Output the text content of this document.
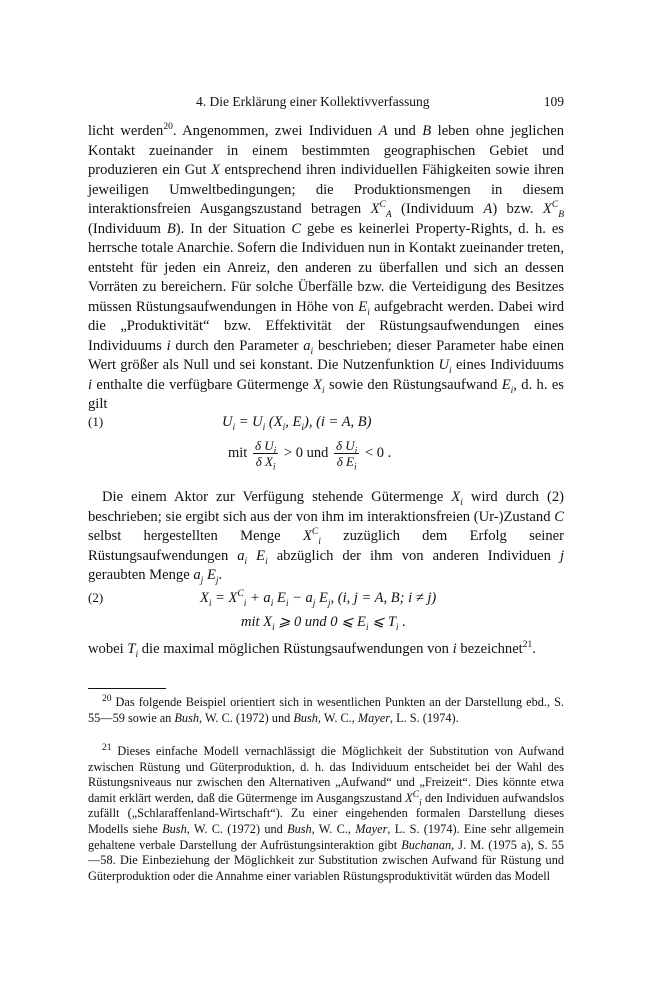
4. Die Erklärung einer Kollektivverfassung	109

licht werden$^{20}$. Angenommen, zwei Individuen A und B leben ohne jeglichen Kontakt zueinander in einem bestimmten geographischen Gebiet und produzieren ein Gut X entsprechend ihren individuellen Fähigkeiten sowie ihren jeweiligen Umweltbedingungen; die Produktionsmengen in diesem interaktionsfreien Ausgangszustand betragen $X^C_A$ (Individuum A) bzw. $X^C_B$ (Individuum B). In der Situation C gebe es keinerlei Property-Rights, d. h. es herrsche totale Anarchie. Sofern die Individuen nun in Kontakt zueinander treten, entsteht für jeden ein Anreiz, den anderen zu überfallen und sich an dessen Vorräten zu bereichern. Für solche Überfälle bzw. die Verteidigung des Besitzes müssen Rüstungsaufwendungen in Höhe von $E_i$ aufgebracht werden. Dabei wird die „Produktivität“ bzw. Effektivität der Rüstungsaufwendungen eines Individuums i durch den Parameter $a_i$ beschrieben; dieser Parameter habe einen Wert größer als Null und sei konstant. Die Nutzenfunktion $U_i$ eines Individuums i enthalte die verfügbare Gütermenge $X_i$ sowie den Rüstungsaufwand $E_i$, d. h. es gilt

(1)	$U_i = U_i$ ($X_i$, $E_i$), (i = A, B)
mit $\frac{\delta U_i}{\delta X_i} > 0$ und $\frac{\delta U_i}{\delta E_i} < 0$ .

Die einem Aktor zur Verfügung stehende Gütermenge $X_i$ wird durch (2) beschrieben; sie ergibt sich aus der von ihm im interaktionsfreien (Ur-)Zustand C selbst hergestellten Menge $X^C_i$ zuzüglich dem Erfolg seiner Rüstungsaufwendungen $a_i$ $E_i$ abzüglich der ihm von anderen Individuen j geraubten Menge $a_j$ $E_j$.

(2)	$X_i = X^C_i + a_i$ $E_i - a_j$ $E_j$, (i, j = A, B; i ≠ j)
mit $X_i$ ⩾ 0 und 0 ⩽ $E_i$ ⩽ $T_i$ .

wobei $T_i$ die maximal möglichen Rüstungsaufwendungen von i bezeichnet$^{21}$.

$^{20}$ Das folgende Beispiel orientiert sich in wesentlichen Punkten an der Darstellung ebd., S. 55—59 sowie an Bush, W. C. (1972) und Bush, W. C., Mayer, L. S. (1974).

$^{21}$ Dieses einfache Modell vernachlässigt die Möglichkeit der Substitution von Aufwand zwischen Rüstung und Güterproduktion, d. h. das Individuum entscheidet bei der Wahl des Rüstungsniveaus nur zwischen den Alternativen „Aufwand“ und „Freizeit“. Dies könnte etwa damit erklärt werden, daß die Gütermenge im Ausgangszustand $X^C_i$ den Individuen aufwandslos zufällt („Schlaraffenland-Wirtschaft“). Zu einer eingehenden formalen Darstellung dieses Modells siehe Bush, W. C. (1972) und Bush, W. C., Mayer, L. S. (1974). Eine sehr allgemein gehaltene verbale Darstellung der Aufrüstungsinteraktion gibt Buchanan, J. M. (1975 a), S. 55—58. Die Einbeziehung der Möglichkeit zur Substitution zwischen Aufwand für Rüstung und Güterproduktion oder die Annahme einer variablen Rüstungsproduktivität würden das Modell
